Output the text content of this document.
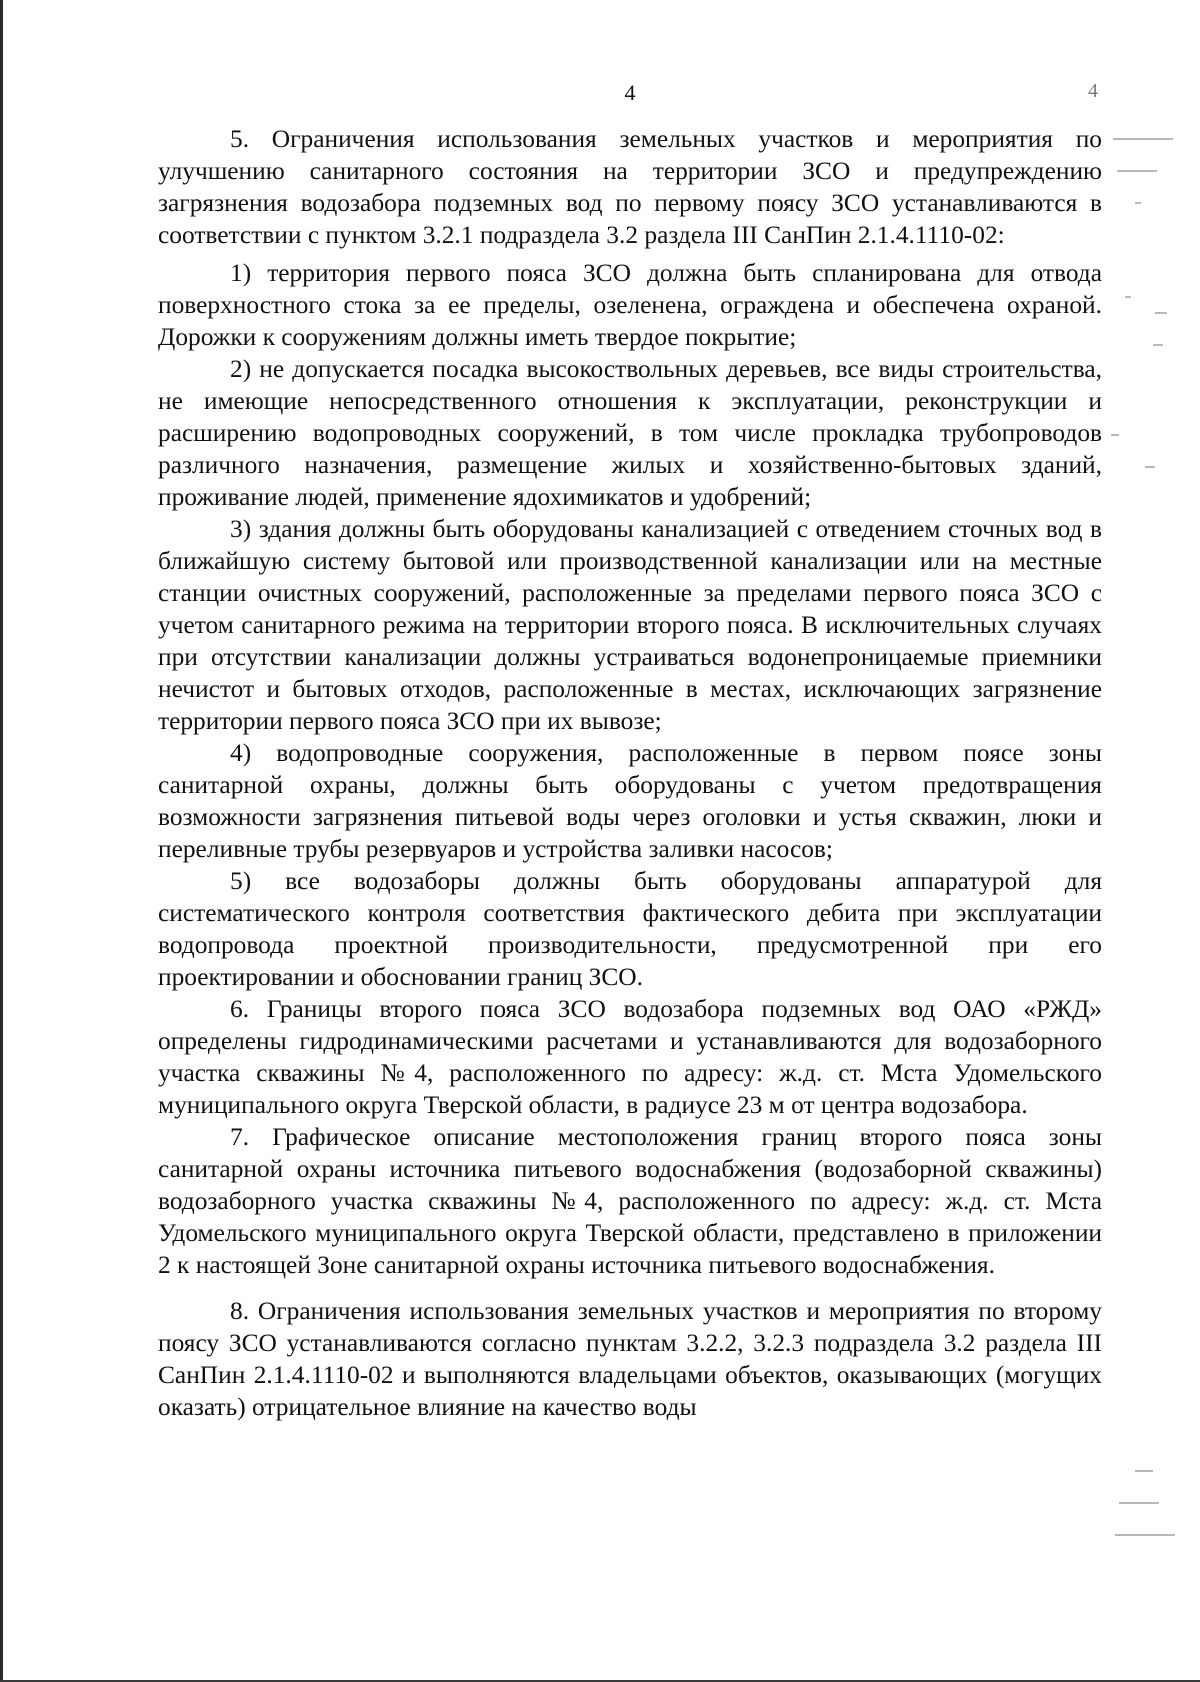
4	4

5. Ограничения использования земельных участков и мероприятия по улучшению санитарного состояния на территории ЗСО и предупреждению загрязнения водозабора подземных вод по первому поясу ЗСО устанавливаются в соответствии с пунктом 3.2.1 подраздела 3.2 раздела III СанПин 2.1.4.1110-02:

1) территория первого пояса ЗСО должна быть спланирована для отвода поверхностного стока за ее пределы, озеленена, ограждена и обеспечена охраной. Дорожки к сооружениям должны иметь твердое покрытие;

2) не допускается посадка высокоствольных деревьев, все виды строительства, не имеющие непосредственного отношения к эксплуатации, реконструкции и расширению водопроводных сооружений, в том числе прокладка трубопроводов различного назначения, размещение жилых и хозяйственно-бытовых зданий, проживание людей, применение ядохимикатов и удобрений;

3) здания должны быть оборудованы канализацией с отведением сточных вод в ближайшую систему бытовой или производственной канализации или на местные станции очистных сооружений, расположенные за пределами первого пояса ЗСО с учетом санитарного режима на территории второго пояса. В исключительных случаях при отсутствии канализации должны устраиваться водонепроницаемые приемники нечистот и бытовых отходов, расположенные в местах, исключающих загрязнение территории первого пояса ЗСО при их вывозе;

4) водопроводные сооружения, расположенные в первом поясе зоны санитарной охраны, должны быть оборудованы с учетом предотвращения возможности загрязнения питьевой воды через оголовки и устья скважин, люки и переливные трубы резервуаров и устройства заливки насосов;

5) все водозаборы должны быть оборудованы аппаратурой для систематического контроля соответствия фактического дебита при эксплуатации водопровода проектной производительности, предусмотренной при его проектировании и обосновании границ ЗСО.

6. Границы второго пояса ЗСО водозабора подземных вод ОАО «РЖД» определены гидродинамическими расчетами и устанавливаются для водозаборного участка скважины №4, расположенного по адресу: ж.д. ст. Мста Удомельского муниципального округа Тверской области, в радиусе 23 м от центра водозабора.

7. Графическое описание местоположения границ второго пояса зоны санитарной охраны источника питьевого водоснабжения (водозаборной скважины) водозаборного участка скважины №4, расположенного по адресу: ж.д. ст. Мста Удомельского муниципального округа Тверской области, представлено в приложении 2 к настоящей Зоне санитарной охраны источника питьевого водоснабжения.

8. Ограничения использования земельных участков и мероприятия по второму поясу ЗСО устанавливаются согласно пунктам 3.2.2, 3.2.3 подраздела 3.2 раздела III СанПин 2.1.4.1110-02 и выполняются владельцами объектов, оказывающих (могущих оказать) отрицательное влияние на качество воды
